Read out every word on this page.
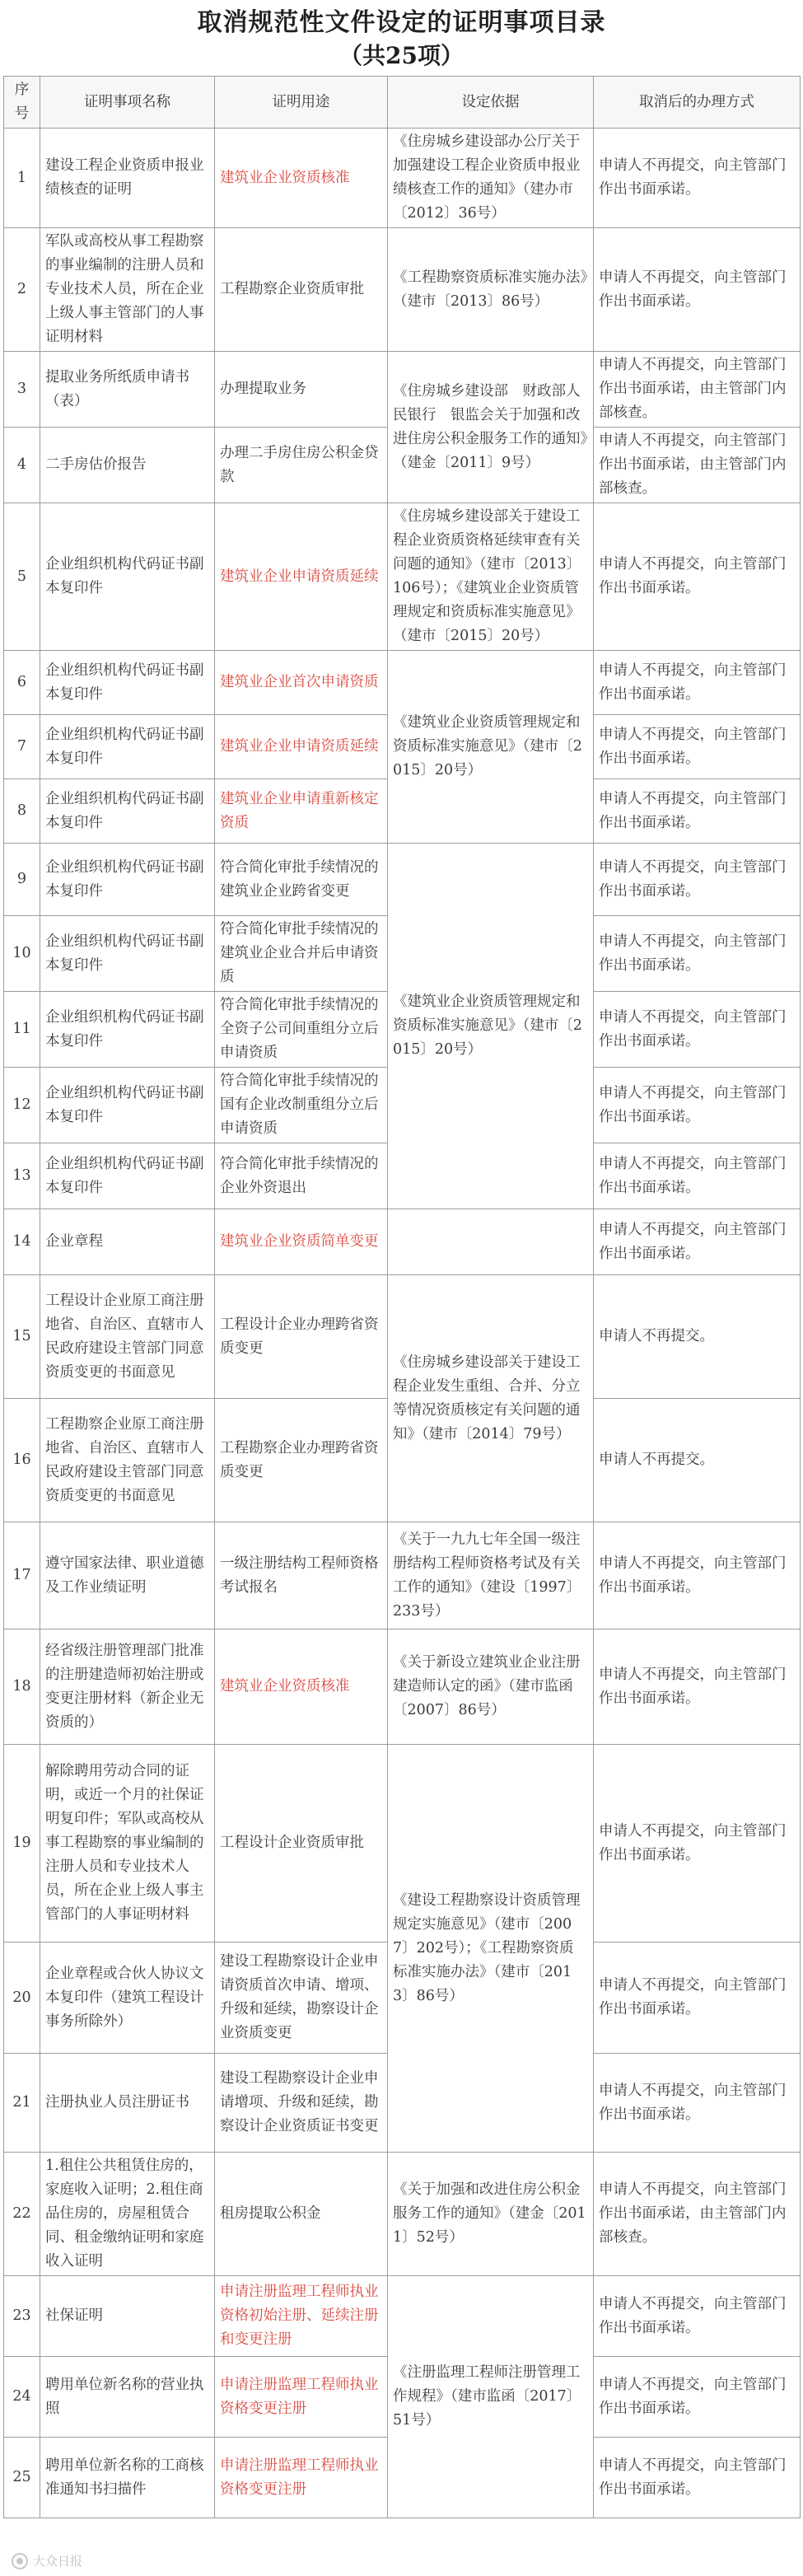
取消规范性文件设定的证明事项目录
（共25项）
序号	证明事项名称	证明用途	设定依据	取消后的办理方式
1	建设工程企业资质申报业绩核查的证明	建筑业企业资质核准	《住房城乡建设部办公厅关于加强建设工程企业资质申报业绩核查工作的通知》（建办市〔2012〕36号）	申请人不再提交，向主管部门作出书面承诺。
2	军队或高校从事工程勘察的事业编制的注册人员和专业技术人员，所在企业上级人事主管部门的人事证明材料	工程勘察企业资质审批	《工程勘察资质标准实施办法》（建市〔2013〕86号）	申请人不再提交，向主管部门作出书面承诺。
3	提取业务所纸质申请书（表）	办理提取业务	《住房城乡建设部　财政部人民银行　银监会关于加强和改进住房公积金服务工作的通知》（建金〔2011〕9号）	申请人不再提交，向主管部门作出书面承诺，由主管部门内部核查。
4	二手房估价报告	办理二手房住房公积金贷款		申请人不再提交，向主管部门作出书面承诺，由主管部门内部核查。
5	企业组织机构代码证书副本复印件	建筑业企业申请资质延续	《住房城乡建设部关于建设工程企业资质资格延续审查有关问题的通知》（建市〔2013〕106号）；《建筑业企业资质管理规定和资质标准实施意见》（建市〔2015〕20号）	申请人不再提交，向主管部门作出书面承诺。
6	企业组织机构代码证书副本复印件	建筑业企业首次申请资质	《建筑业企业资质管理规定和资质标准实施意见》（建市〔2015〕20号）	申请人不再提交，向主管部门作出书面承诺。
7	企业组织机构代码证书副本复印件	建筑业企业申请资质延续		申请人不再提交，向主管部门作出书面承诺。
8	企业组织机构代码证书副本复印件	建筑业企业申请重新核定资质		申请人不再提交，向主管部门作出书面承诺。
9	企业组织机构代码证书副本复印件	符合简化审批手续情况的建筑业企业跨省变更	《建筑业企业资质管理规定和资质标准实施意见》（建市〔2015〕20号）	申请人不再提交，向主管部门作出书面承诺。
10	企业组织机构代码证书副本复印件	符合简化审批手续情况的建筑业企业合并后申请资质		申请人不再提交，向主管部门作出书面承诺。
11	企业组织机构代码证书副本复印件	符合简化审批手续情况的全资子公司间重组分立后申请资质		申请人不再提交，向主管部门作出书面承诺。
12	企业组织机构代码证书副本复印件	符合简化审批手续情况的国有企业改制重组分立后申请资质		申请人不再提交，向主管部门作出书面承诺。
13	企业组织机构代码证书副本复印件	符合简化审批手续情况的企业外资退出		申请人不再提交，向主管部门作出书面承诺。
14	企业章程	建筑业企业资质简单变更		申请人不再提交，向主管部门作出书面承诺。
15	工程设计企业原工商注册地省、自治区、直辖市人民政府建设主管部门同意资质变更的书面意见	工程设计企业办理跨省资质变更	《住房城乡建设部关于建设工程企业发生重组、合并、分立等情况资质核定有关问题的通知》（建市〔2014〕79号）	申请人不再提交。
16	工程勘察企业原工商注册地省、自治区、直辖市人民政府建设主管部门同意资质变更的书面意见	工程勘察企业办理跨省资质变更		申请人不再提交。
17	遵守国家法律、职业道德及工作业绩证明	一级注册结构工程师资格考试报名	《关于一九九七年全国一级注册结构工程师资格考试及有关工作的通知》（建设〔1997〕233号）	申请人不再提交，向主管部门作出书面承诺。
18	经省级注册管理部门批准的注册建造师初始注册或变更注册材料（新企业无资质的）	建筑业企业资质核准	《关于新设立建筑业企业注册建造师认定的函》（建市监函〔2007〕86号）	申请人不再提交，向主管部门作出书面承诺。
19	解除聘用劳动合同的证明，或近一个月的社保证明复印件；军队或高校从事工程勘察的事业编制的注册人员和专业技术人员，所在企业上级人事主管部门的人事证明材料	工程设计企业资质审批	《建设工程勘察设计资质管理规定实施意见》（建市〔2007〕202号）；《工程勘察资质标准实施办法》（建市〔2013〕86号）	申请人不再提交，向主管部门作出书面承诺。
20	企业章程或合伙人协议文本复印件（建筑工程设计事务所除外）	建设工程勘察设计企业申请资质首次申请、增项、升级和延续，勘察设计企业资质变更		申请人不再提交，向主管部门作出书面承诺。
21	注册执业人员注册证书	建设工程勘察设计企业申请增项、升级和延续，勘察设计企业资质证书变更		申请人不再提交，向主管部门作出书面承诺。
22	1.租住公共租赁住房的，家庭收入证明；2.租住商品住房的，房屋租赁合同、租金缴纳证明和家庭收入证明	租房提取公积金	《关于加强和改进住房公积金服务工作的通知》（建金〔2011〕52号）	申请人不再提交，向主管部门作出书面承诺，由主管部门内部核查。
23	社保证明	申请注册监理工程师执业资格初始注册、延续注册和变更注册	《注册监理工程师注册管理工作规程》（建市监函〔2017〕51号）	申请人不再提交，向主管部门作出书面承诺。
24	聘用单位新名称的营业执照	申请注册监理工程师执业资格变更注册		申请人不再提交，向主管部门作出书面承诺。
25	聘用单位新名称的工商核准通知书扫描件	申请注册监理工程师执业资格变更注册		申请人不再提交，向主管部门作出书面承诺。
大众日报
